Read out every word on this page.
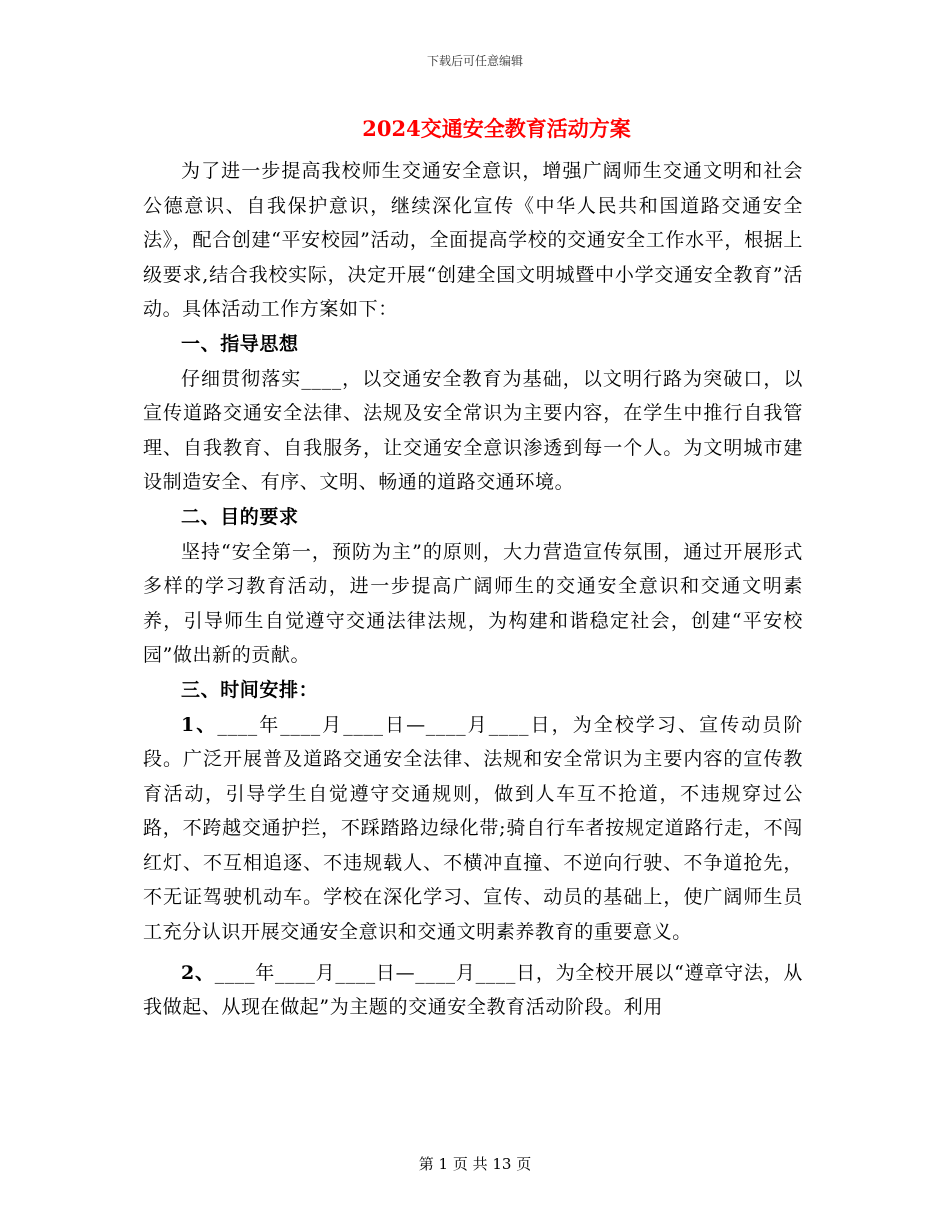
下载后可任意编辑
2024交通安全教育活动方案

为了进一步提高我校师生交通安全意识，增强广阔师生交通文明和社会公德意识、自我保护意识，继续深化宣传《中华人民共和国道路交通安全法》，配合创建“平安校园”活动，全面提高学校的交通安全工作水平，根据上级要求,结合我校实际，决定开展“创建全国文明城暨中小学交通安全教育”活动。具体活动工作方案如下：

一、指导思想

仔细贯彻落实____，以交通安全教育为基础，以文明行路为突破口，以宣传道路交通安全法律、法规及安全常识为主要内容，在学生中推行自我管理、自我教育、自我服务，让交通安全意识渗透到每一个人。为文明城市建设制造安全、有序、文明、畅通的道路交通环境。

二、目的要求

坚持“安全第一，预防为主”的原则，大力营造宣传氛围，通过开展形式多样的学习教育活动，进一步提高广阔师生的交通安全意识和交通文明素养，引导师生自觉遵守交通法律法规，为构建和谐稳定社会，创建“平安校园”做出新的贡献。

三、时间安排：

1、____年____月____日—____月____日，为全校学习、宣传动员阶段。广泛开展普及道路交通安全法律、法规和安全常识为主要内容的宣传教育活动，引导学生自觉遵守交通规则，做到人车互不抢道，不违规穿过公路，不跨越交通护拦，不踩踏路边绿化带;骑自行车者按规定道路行走，不闯红灯、不互相追逐、不违规载人、不横冲直撞、不逆向行驶、不争道抢先，不无证驾驶机动车。学校在深化学习、宣传、动员的基础上，使广阔师生员工充分认识开展交通安全意识和交通文明素养教育的重要意义。

2、____年____月____日—____月____日，为全校开展以“遵章守法，从我做起、从现在做起”为主题的交通安全教育活动阶段。利用

第 1 页 共 13 页
